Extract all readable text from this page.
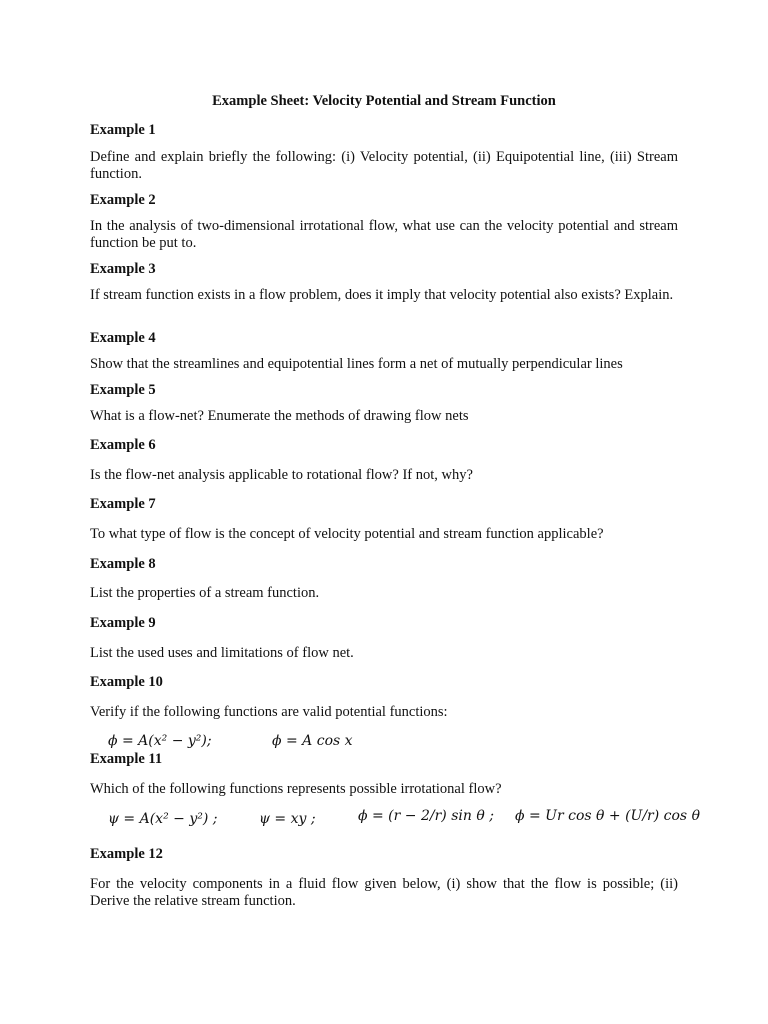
Example Sheet: Velocity Potential and Stream Function
Example 1
Define and explain briefly the following: (i) Velocity potential, (ii) Equipotential line, (iii) Stream function.
Example 2
In the analysis of two-dimensional irrotational flow, what use can the velocity potential and stream function be put to.
Example 3
If stream function exists in a flow problem, does it imply that velocity potential also exists? Explain.
Example 4
Show that the streamlines and equipotential lines form a net of mutually perpendicular lines
Example 5
What is a flow-net? Enumerate the methods of drawing flow nets
Example 6
Is the flow-net analysis applicable to rotational flow? If not, why?
Example 7
To what type of flow is the concept of velocity potential and stream function applicable?
Example 8
List the properties of a stream function.
Example 9
List the used uses and limitations of flow net.
Example 10
Verify if the following functions are valid potential functions:
ϕ = A(x² − y²);	ϕ = A cos x
Example 11
Which of the following functions represents possible irrotational flow?
ψ = A(x² − y²) ;	ψ = xy ;	ϕ = (r − 2/r) sin θ ; ϕ = Ur cos θ + (U/r) cos θ
Example 12
For the velocity components in a fluid flow given below, (i) show that the flow is possible; (ii) Derive the relative stream function.
